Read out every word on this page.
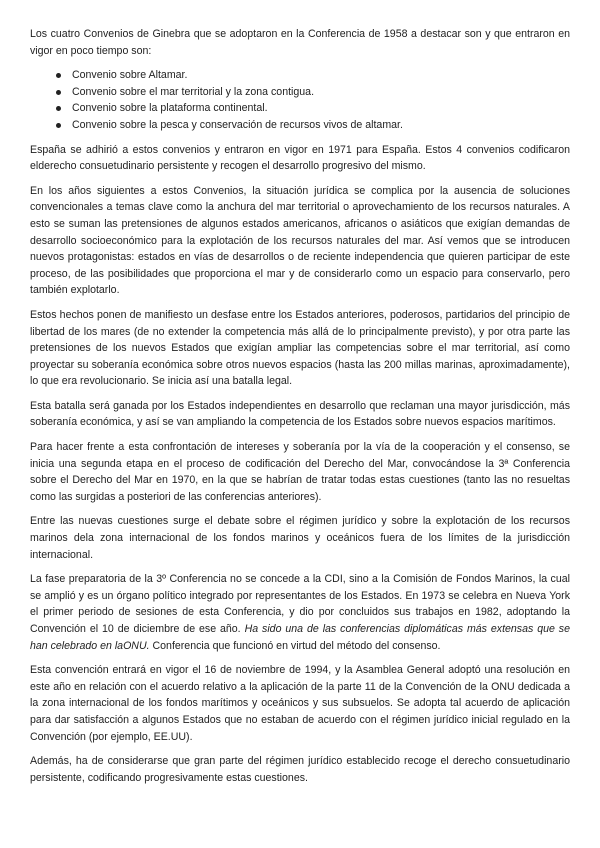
Los cuatro Convenios de Ginebra que se adoptaron en la Conferencia de 1958 a destacar son y que entraron en vigor en poco tiempo son:

Convenio sobre Altamar.
Convenio sobre el mar territorial y la zona contigua.
Convenio sobre la plataforma continental.
Convenio sobre la pesca y conservación de recursos vivos de altamar.

España se adhirió a estos convenios y entraron en vigor en 1971 para España. Estos 4 convenios codificaron elderecho consuetudinario persistente y recogen el desarrollo progresivo del mismo.

En los años siguientes a estos Convenios, la situación jurídica se complica por la ausencia de soluciones convencionales a temas clave como la anchura del mar territorial o aprovechamiento de los recursos naturales. A esto se suman las pretensiones de algunos estados americanos, africanos o asiáticos que exigían demandas de desarrollo socioeconómico para la explotación de los recursos naturales del mar. Así vemos que se introducen nuevos protagonistas: estados en vías de desarrollos o de reciente independencia que quieren participar de este proceso, de las posibilidades que proporciona el mar y de considerarlo como un espacio para conservarlo, pero también explotarlo.

Estos hechos ponen de manifiesto un desfase entre los Estados anteriores, poderosos, partidarios del principio de libertad de los mares (de no extender la competencia más allá de lo principalmente previsto), y por otra parte las pretensiones de los nuevos Estados que exigían ampliar las competencias sobre el mar territorial, así como proyectar su soberanía económica sobre otros nuevos espacios (hasta las 200 millas marinas, aproximadamente), lo que era revolucionario. Se inicia así una batalla legal.

Esta batalla será ganada por los Estados independientes en desarrollo que reclaman una mayor jurisdicción, más soberanía económica, y así se van ampliando la competencia de los Estados sobre nuevos espacios marítimos.

Para hacer frente a esta confrontación de intereses y soberanía por la vía de la cooperación y el consenso, se inicia una segunda etapa en el proceso de codificación del Derecho del Mar, convocándose la 3ª Conferencia sobre el Derecho del Mar en 1970, en la que se habrían de tratar todas estas cuestiones (tanto las no resueltas como las surgidas a posteriori de las conferencias anteriores).

Entre las nuevas cuestiones surge el debate sobre el régimen jurídico y sobre la explotación de los recursos marinos dela zona internacional de los fondos marinos y oceánicos fuera de los límites de la jurisdicción internacional.

La fase preparatoria de la 3º Conferencia no se concede a la CDI, sino a la Comisión de Fondos Marinos, la cual se amplió y es un órgano político integrado por representantes de los Estados. En 1973 se celebra en Nueva York el primer periodo de sesiones de esta Conferencia, y dio por concluidos sus trabajos en 1982, adoptando la Convención el 10 de diciembre de ese año. Ha sido una de las conferencias diplomáticas más extensas que se han celebrado en laONU. Conferencia que funcionó en virtud del método del consenso.

Esta convención entrará en vigor el 16 de noviembre de 1994, y la Asamblea General adoptó una resolución en este año en relación con el acuerdo relativo a la aplicación de la parte 11 de la Convención de la ONU dedicada a la zona internacional de los fondos marítimos y oceánicos y sus subsuelos. Se adopta tal acuerdo de aplicación para dar satisfacción a algunos Estados que no estaban de acuerdo con el régimen jurídico inicial regulado en la Convención (por ejemplo, EE.UU).

Además, ha de considerarse que gran parte del régimen jurídico establecido recoge el derecho consuetudinario persistente, codificando progresivamente estas cuestiones.
